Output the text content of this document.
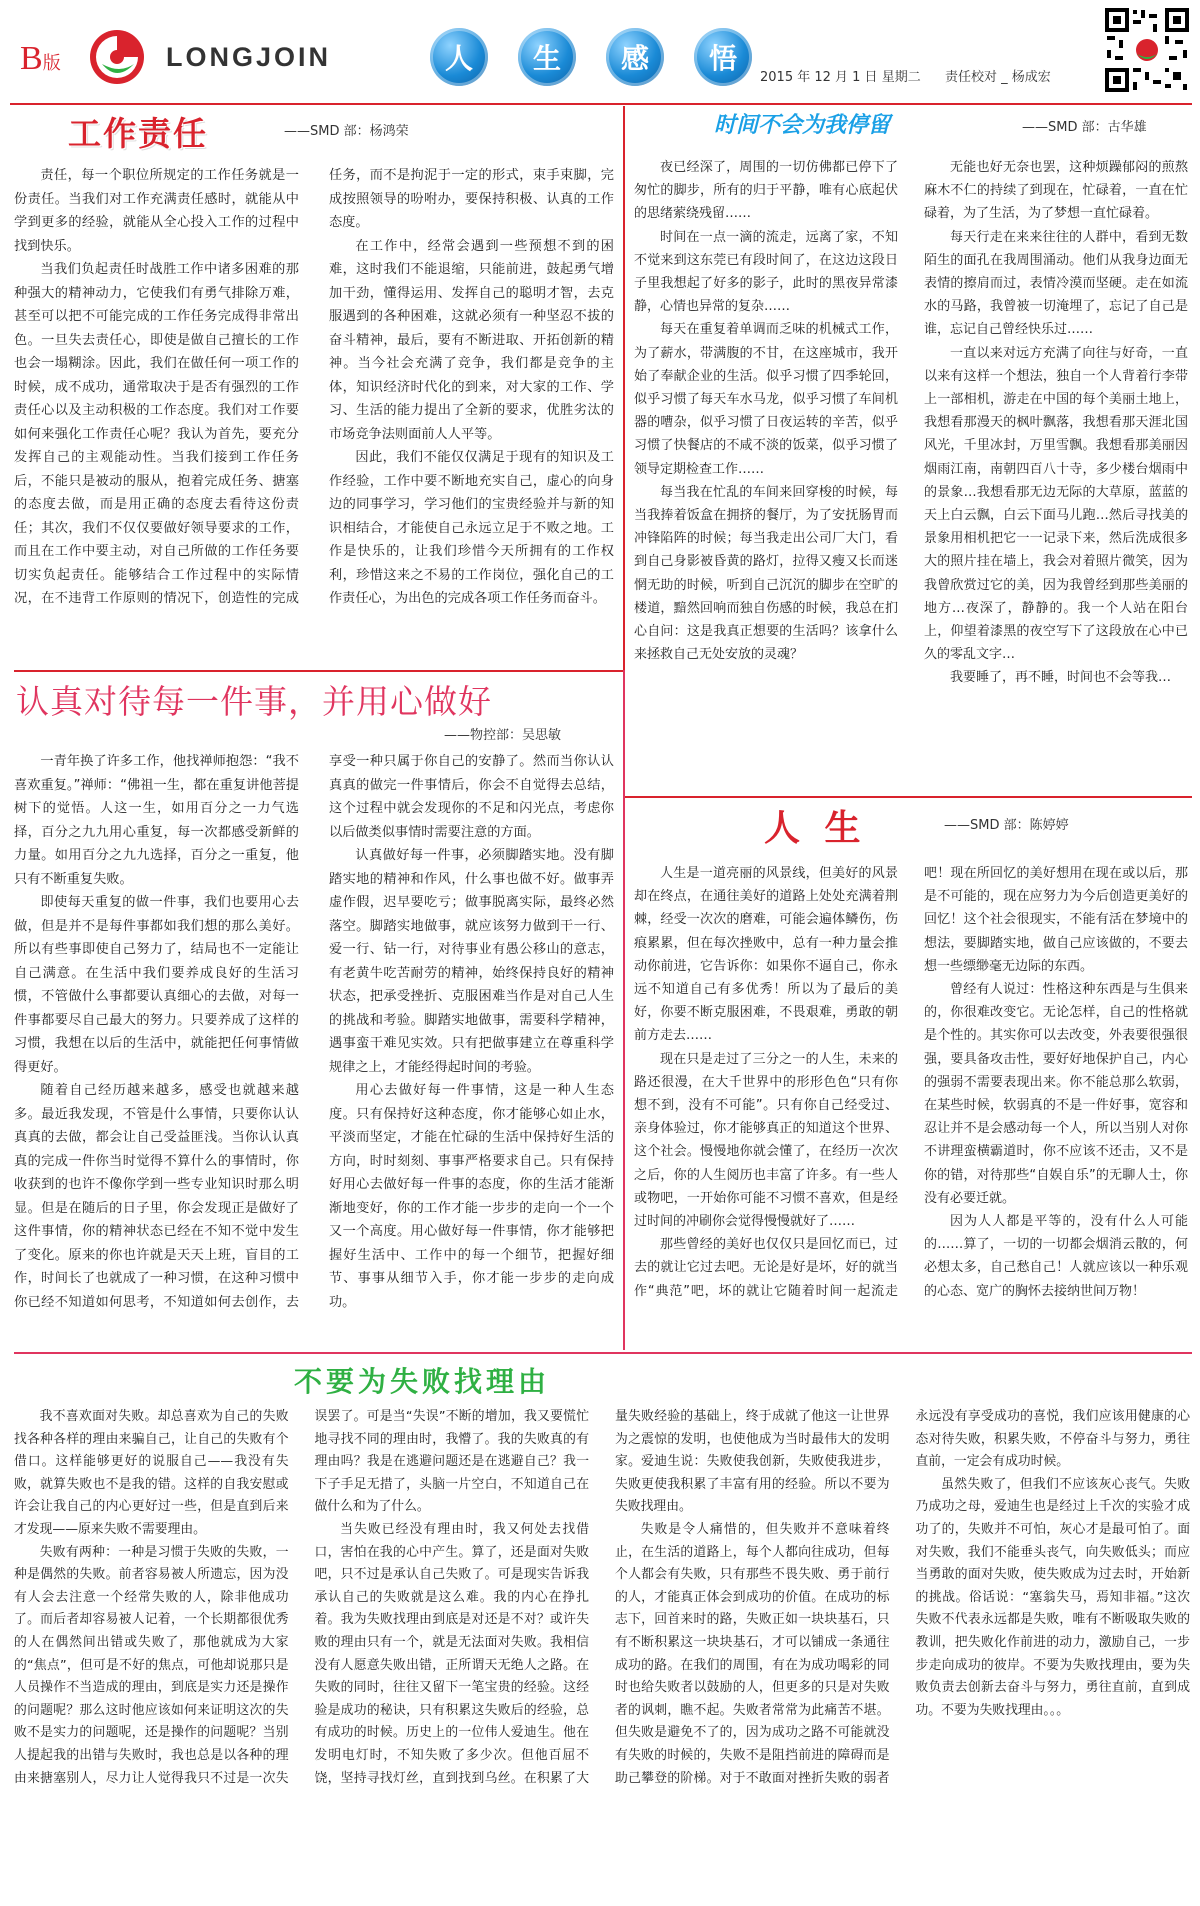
B版	LONGJOIN	人	生	感	悟
2015 年 12 月 1 日 星期二 责任校对 _ 杨成宏
工作责任	——SMD 部：杨鸿荣

责任，每一个职位所规定的工作任务就是一份责任。当我们对工作充满责任感时，就能从中学到更多的经验，就能从全心投入工作的过程中找到快乐。

当我们负起责任时战胜工作中诸多困难的那种强大的精神动力，它使我们有勇气排除万难，甚至可以把不可能完成的工作任务完成得非常出色。一旦失去责任心，即使是做自己擅长的工作也会一塌糊涂。因此，我们在做任何一项工作的时候，成不成功，通常取决于是否有强烈的工作责任心以及主动积极的工作态度。我们对工作要如何来强化工作责任心呢？我认为首先，要充分发挥自己的主观能动性。当我们接到工作任务后，不能只是被动的服从，抱着完成任务、搪塞的态度去做，而是用正确的态度去看待这份责任；其次，我们不仅仅要做好领导要求的工作，而且在工作中要主动，对自己所做的工作任务要切实负起责任。能够结合工作过程中的实际情况，在不违背工作原则的情况下，创造性的完成任务，而不是拘泥于一定的形式，束手束脚，完成按照领导的吩咐办，要保持积极、认真的工作态度。

在工作中，经常会遇到一些预想不到的困难，这时我们不能退缩，只能前进，鼓起勇气增加干劲，懂得运用、发挥自己的聪明才智，去克服遇到的各种困难，这就必须有一种坚忍不拔的奋斗精神，最后，要有不断进取、开拓创新的精神。当今社会充满了竞争，我们都是竞争的主体，知识经济时代化的到来，对大家的工作、学习、生活的能力提出了全新的要求，优胜劣汰的市场竞争法则面前人人平等。

因此，我们不能仅仅满足于现有的知识及工作经验，工作中要不断地充实自己，虚心的向身边的同事学习，学习他们的宝贵经验并与新的知识相结合，才能使自己永远立足于不败之地。工作是快乐的，让我们珍惜今天所拥有的工作权利，珍惜这来之不易的工作岗位，强化自己的工作责任心，为出色的完成各项工作任务而奋斗。

时间不会为我停留	——SMD 部：古华雄

夜已经深了，周围的一切仿佛都已停下了匆忙的脚步，所有的归于平静，唯有心底起伏的思绪萦绕残留……

时间在一点一滴的流走，远离了家，不知不觉来到这东莞已有段时间了，在这边这段日子里我想起了好多的影子，此时的黑夜异常漆静，心情也异常的复杂……

每天在重复着单调而乏味的机械式工作，为了薪水，带满腹的不甘，在这座城市，我开始了奉献企业的生活。似乎习惯了四季轮回，似乎习惯了每天车水马龙，似乎习惯了车间机器的嘈杂，似乎习惯了日夜运转的辛苦，似乎习惯了快餐店的不咸不淡的饭菜，似乎习惯了领导定期检查工作……

每当我在忙乱的车间来回穿梭的时候，每当我捧着饭盒在拥挤的餐厅，为了安抚肠胃而冲锋陷阵的时候；每当我走出公司厂大门，看到自己身影被昏黄的路灯，拉得又瘦又长而迷惘无助的时候，听到自己沉沉的脚步在空旷的楼道，黯然回响而独自伤感的时候，我总在扪心自问：这是我真正想要的生活吗？该拿什么来拯救自己无处安放的灵魂？

无能也好无奈也罢，这种烦躁郁闷的煎熬麻木不仁的持续了到现在，忙碌着，一直在忙碌着，为了生活，为了梦想一直忙碌着。

每天行走在来来往往的人群中，看到无数陌生的面孔在我周围涌动。他们从我身边面无表情的擦肩而过，表情冷漠而坚硬。走在如流水的马路，我曾被一切淹埋了，忘记了自己是谁，忘记自己曾经快乐过……

一直以来对远方充满了向往与好奇，一直以来有这样一个想法，独自一个人背着行李带上一部相机，游走在中国的每个美丽土地上，我想看那漫天的枫叶飘落，我想看那天涯北国风光，千里冰封，万里雪飘。我想看那美丽因烟雨江南，南朝四百八十寺，多少楼台烟雨中的景象…我想看那无边无际的大草原，蓝蓝的天上白云飘，白云下面马儿跑…然后寻找美的景象用相机把它一一记录下来，然后洗成很多大的照片挂在墙上，我会对着照片微笑，因为我曾欣赏过它的美，因为我曾经到那些美丽的地方…夜深了，静静的。我一个人站在阳台上，仰望着漆黑的夜空写下了这段放在心中已久的零乱文字…

我要睡了，再不睡，时间也不会等我…

认真对待每一件事，并用心做好
——物控部：吴思敏

一青年换了许多工作，他找禅师抱怨：“我不喜欢重复。”禅师：“佛祖一生，都在重复讲他菩提树下的觉悟。人这一生，如用百分之一力气选择，百分之九九用心重复，每一次都感受新鲜的力量。如用百分之九九选择，百分之一重复，他只有不断重复失败。

即使每天重复的做一件事，我们也要用心去做，但是并不是每件事都如我们想的那么美好。所以有些事即使自己努力了，结局也不一定能让自己满意。在生活中我们要养成良好的生活习惯，不管做什么事都要认真细心的去做，对每一件事都要尽自己最大的努力。只要养成了这样的习惯，我想在以后的生活中，就能把任何事情做得更好。

随着自己经历越来越多，感受也就越来越多。最近我发现，不管是什么事情，只要你认认真真的去做，都会让自己受益匪浅。当你认认真真的完成一件你当时觉得不算什么的事情时，你收获到的也许不像你学到一些专业知识时那么明显。但是在随后的日子里，你会发现正是做好了这件事情，你的精神状态已经在不知不觉中发生了变化。原来的你也许就是天天上班，盲目的工作，时间长了也就成了一种习惯，在这种习惯中你已经不知道如何思考，不知道如何去创作，去享受一种只属于你自己的安静了。然而当你认认真真的做完一件事情后，你会不自觉得去总结，这个过程中就会发现你的不足和闪光点，考虑你以后做类似事情时需要注意的方面。

认真做好每一件事，必须脚踏实地。没有脚踏实地的精神和作风，什么事也做不好。做事弄虚作假，迟早要吃亏；做事脱离实际，最终必然落空。脚踏实地做事，就应该努力做到干一行、爱一行、钻一行，对待事业有愚公移山的意志，有老黄牛吃苦耐劳的精神，始终保持良好的精神状态，把承受挫折、克服困难当作是对自己人生的挑战和考验。脚踏实地做事，需要科学精神，遇事蛮干难见实效。只有把做事建立在尊重科学规律之上，才能经得起时间的考验。

用心去做好每一件事情，这是一种人生态度。只有保持好这种态度，你才能够心如止水，平淡而坚定，才能在忙碌的生活中保持好生活的方向，时时刻刻、事事严格要求自己。只有保持好用心去做好每一件事的态度，你的生活才能渐渐地变好，你的工作才能一步步的走向一个一个又一个高度。用心做好每一件事情，你才能够把握好生活中、工作中的每一个细节，把握好细节、事事从细节入手，你才能一步步的走向成功。

人 生	——SMD 部：陈婷婷

人生是一道亮丽的风景线，但美好的风景却在终点，在通往美好的道路上处处充满着荆棘，经受一次次的磨难，可能会遍体鳞伤，伤痕累累，但在每次挫败中，总有一种力量会推动你前进，它告诉你：如果你不逼自己，你永远不知道自己有多优秀！所以为了最后的美好，你要不断克服困难，不畏艰难，勇敢的朝前方走去……

现在只是走过了三分之一的人生，未来的路还很漫，在大千世界中的形形色色“只有你想不到，没有不可能”。只有你自己经受过、亲身体验过，你才能够真正的知道这个世界、这个社会。慢慢地你就会懂了，在经历一次次之后，你的人生阅历也丰富了许多。有一些人或物吧，一开始你可能不习惯不喜欢，但是经过时间的冲刷你会觉得慢慢就好了……

那些曾经的美好也仅仅只是回忆而已，过去的就让它过去吧。无论是好是坏，好的就当作“典范”吧，坏的就让它随着时间一起流走吧！现在所回忆的美好想用在现在或以后，那是不可能的，现在应努力为今后创造更美好的回忆！这个社会很现实，不能有活在梦境中的想法，要脚踏实地，做自己应该做的，不要去想一些缥缈毫无边际的东西。

曾经有人说过：性格这种东西是与生俱来的，你很难改变它。无论怎样，自己的性格就是个性的。其实你可以去改变，外表要很强很强，要具备攻击性，要好好地保护自己，内心的强弱不需要表现出来。你不能总那么软弱，在某些时候，软弱真的不是一件好事，宽容和忍让并不是会感动每一个人，所以当别人对你不讲理蛮横霸道时，你不应该不还击，又不是你的错，对待那些“自娱自乐”的无聊人士，你没有必要迁就。

因为人人都是平等的，没有什么人可能的……算了，一切的一切都会烟消云散的，何必想太多，自己愁自己！人就应该以一种乐观的心态、宽广的胸怀去接纳世间万物！

不要为失败找理由

我不喜欢面对失败。却总喜欢为自己的失败找各种各样的理由来骗自己，让自己的失败有个借口。这样能够更好的说服自己——我没有失败，就算失败也不是我的错。这样的自我安慰或许会让我自己的内心更好过一些，但是直到后来才发现——原来失败不需要理由。

失败有两种：一种是习惯于失败的失败，一种是偶然的失败。前者容易被人所遗忘，因为没有人会去注意一个经常失败的人，除非他成功了。而后者却容易被人记着，一个长期都很优秀的人在偶然间出错或失败了，那他就成为大家的“焦点”，但可是不好的焦点，可他却说那只是人员操作不当造成的理由，到底是实力还是操作的问题呢？那么这时他应该如何来证明这次的失败不是实力的问题呢，还是操作的问题呢？当别人提起我的出错与失败时，我也总是以各种的理由来搪塞别人，尽力让人觉得我只不过是一次失误罢了。可是当“失误”不断的增加，我又要慌忙地寻找不同的理由时，我懵了。我的失败真的有理由吗？我是在逃避问题还是在逃避自己？我一下子手足无措了，头脑一片空白，不知道自己在做什么和为了什么。

当失败已经没有理由时，我又何处去找借口，害怕在我的心中产生。算了，还是面对失败吧，只不过是承认自己失败了。可是现实告诉我承认自己的失败就是这么难。我的内心在挣扎着。我为失败找理由到底是对还是不对？或许失败的理由只有一个，就是无法面对失败。我相信没有人愿意失败出错，正所谓天无绝人之路。在失败的同时，往往又留下一笔宝贵的经验。这经验是成功的秘诀，只有积累这失败后的经验，总有成功的时候。历史上的一位伟人爱迪生。他在发明电灯时，不知失败了多少次。但他百屈不饶，坚持寻找灯丝，直到找到乌丝。在积累了大量失败经验的基础上，终于成就了他这一让世界为之震惊的发明，也使他成为当时最伟大的发明家。爱迪生说：失败使我创新，失败使我进步，失败更使我积累了丰富有用的经验。所以不要为失败找理由。

失败是令人痛惜的，但失败并不意味着终止，在生活的道路上，每个人都向往成功，但每个人都会有失败，只有那些不畏失败、勇于前行的人，才能真正体会到成功的价值。在成功的标志下，回首来时的路，失败正如一块块基石，只有不断积累这一块块基石，才可以铺成一条通往成功的路。在我们的周围，有在为成功喝彩的同时也给失败者以鼓励的人，但更多的只是对失败者的讽刺，瞧不起。失败者常常为此痛苦不堪。但失败是避免不了的，因为成功之路不可能就没有失败的时候的，失败不是阻挡前进的障碍而是助己攀登的阶梯。对于不敢面对挫折失败的弱者永远没有享受成功的喜悦，我们应该用健康的心态对待失败，积累失败，不停奋斗与努力，勇往直前，一定会有成功时候。

虽然失败了，但我们不应该灰心丧气。失败乃成功之母，爱迪生也是经过上千次的实验才成功了的，失败并不可怕，灰心才是最可怕了。面对失败，我们不能垂头丧气，向失败低头；而应当勇敢的面对失败，使失败成为过去时，开始新的挑战。俗话说：“塞翁失马，焉知非福。”这次失败不代表永远都是失败，唯有不断吸取失败的教训，把失败化作前进的动力，激励自己，一步步走向成功的彼岸。不要为失败找理由，要为失败负责去创新去奋斗与努力，勇往直前，直到成功。不要为失败找理由。。。
